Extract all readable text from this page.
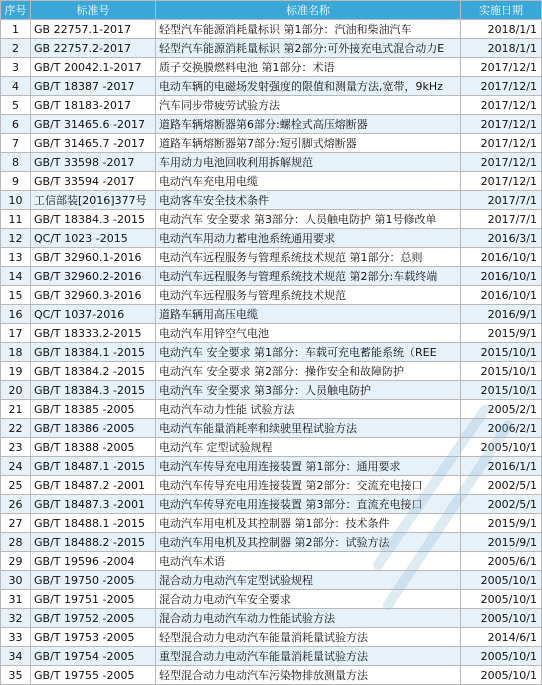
序号	标准号	标准名称	实施日期
1	GB 22757.1-2017	轻型汽车能源消耗量标识 第1部分：汽油和柴油汽车	2018/1/1
2	GB 22757.2-2017	轻型汽车能源消耗量标识 第2部分:可外接充电式混合动力E	2018/1/1
3	GB/T 20042.1-2017	质子交换膜燃料电池 第1部分：术语	2017/12/1
4	GB/T 18387 -2017	电动车辆的电磁场发射强度的限值和测量方法,宽带，9kHz	2017/12/1
5	GB/T 18183-2017	汽车同步带疲劳试验方法	2017/12/1
6	GB/T 31465.6 -2017	道路车辆熔断器第6部分:螺栓式高压熔断器	2017/12/1
7	GB/T 31465.7 -2017	道路车辆熔断器第7部分:短引脚式熔断器	2017/12/1
8	GB/T 33598 -2017	车用动力电池回收利用拆解规范	2017/12/1
9	GB/T 33594 -2017	电动汽车充电用电缆	2017/12/1
10	工信部装[2016]377号	电动客车安全技术条件	2017/7/1
11	GB/T 18384.3 -2015	电动汽车 安全要求 第3部分：人员触电防护 第1号修改单	2017/7/1
12	QC/T 1023 -2015	电动汽车用动力蓄电池系统通用要求	2016/3/1
13	GB/T 32960.1-2016	电动汽车远程服务与管理系统技术规范 第1部分：总则	2016/10/1
14	GB/T 32960.2-2016	电动汽车远程服务与管理系统技术规范 第2部分:车载终端	2016/10/1
15	GB/T 32960.3-2016	电动汽车远程服务与管理系统技术规范	2016/10/1
16	QC/T 1037-2016	道路车辆用高压电缆	2016/9/1
17	GB/T 18333.2-2015	电动汽车用锌空气电池	2015/9/1
18	GB/T 18384.1 -2015	电动汽车 安全要求 第1部分：车载可充电蓄能系统（REE	2015/10/1
19	GB/T 18384.2 -2015	电动汽车 安全要求 第2部分：操作安全和故障防护	2015/10/1
20	GB/T 18384.3 -2015	电动汽车 安全要求 第3部分：人员触电防护	2015/10/1
21	GB/T 18385 -2005	电动汽车动力性能 试验方法	2005/2/1
22	GB/T 18386 -2005	电动汽车能量消耗率和续驶里程试验方法	2006/2/1
23	GB/T 18388 -2005	电动汽车 定型试验规程	2005/10/1
24	GB/T 18487.1 -2015	电动汽车传导充电用连接装置 第1部分：通用要求	2016/1/1
25	GB/T 18487.2 -2001	电动汽车传导充电用连接装置 第2部分：交流充电接口	2002/5/1
26	GB/T 18487.3 -2001	电动汽车传导充电用连接装置 第3部分：直流充电接口	2002/5/1
27	GB/T 18488.1 -2015	电动汽车用电机及其控制器 第1部分：技术条件	2015/9/1
28	GB/T 18488.2 -2015	电动汽车用电机及其控制器 第2部分：试验方法	2015/9/1
29	GB/T 19596 -2004	电动汽车术语	2005/6/1
30	GB/T 19750 -2005	混合动力电动汽车定型试验规程	2005/10/1
31	GB/T 19751 -2005	混合动力电动汽车安全要求	2005/10/1
32	GB/T 19752 -2005	混合动力电动汽车动力性能试验方法	2005/10/1
33	GB/T 19753 -2005	轻型混合动力电动汽车能量消耗量试验方法	2014/6/1
34	GB/T 19754 -2005	重型混合动力电动汽车能量消耗量试验方法	2005/10/1
35	GB/T 19755 -2005	轻型混合动力电动汽车污染物排放测量方法	2005/10/1
